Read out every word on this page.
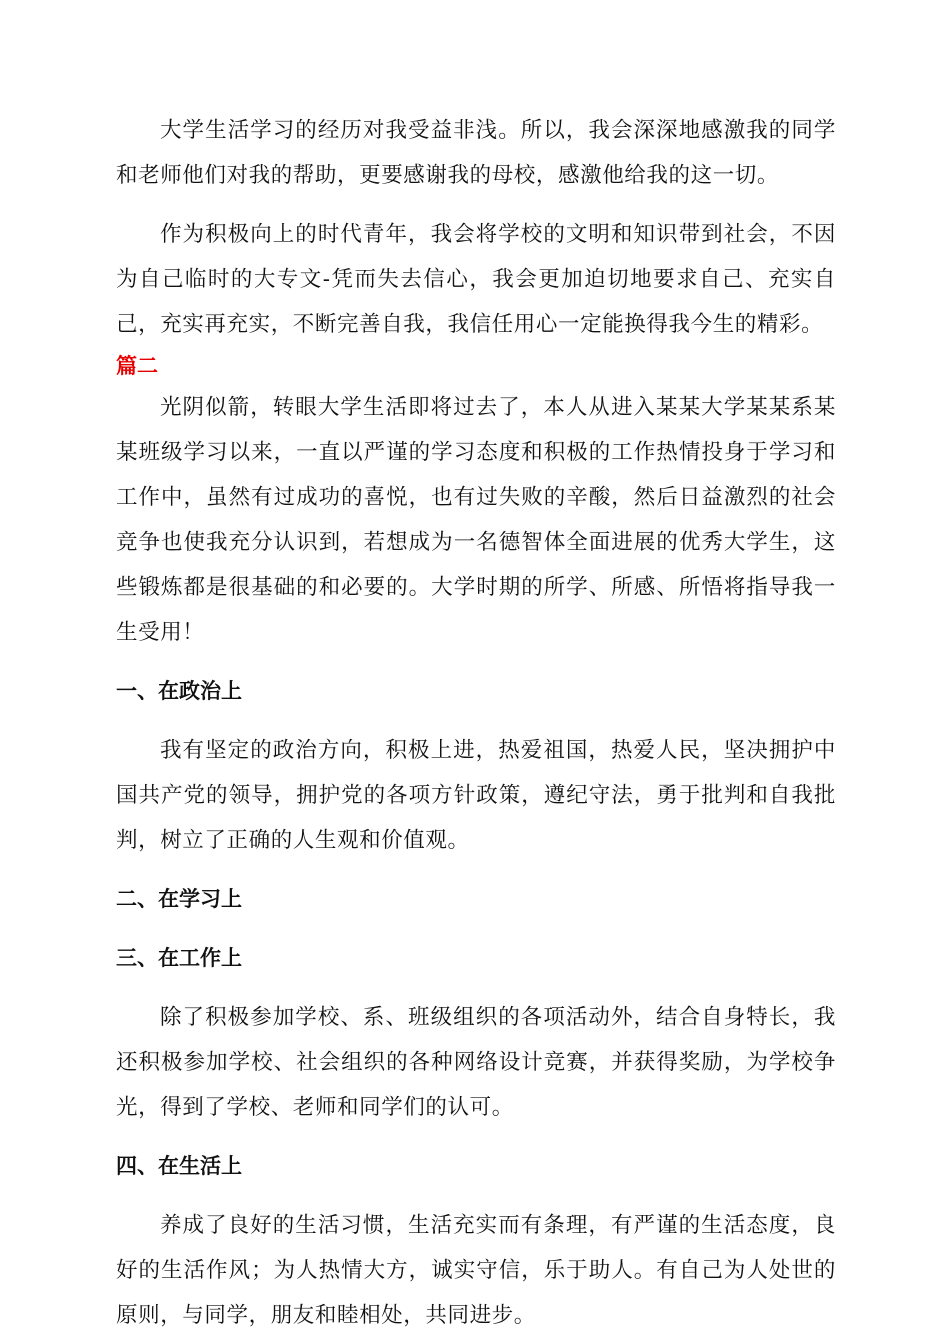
大学生活学习的经历对我受益非浅。所以，我会深深地感激我的同学和老师他们对我的帮助，更要感谢我的母校，感激他给我的这一切。

作为积极向上的时代青年，我会将学校的文明和知识带到社会，不因为自己临时的大专文-凭而失去信心，我会更加迫切地要求自己、充实自己，充实再充实，不断完善自我，我信任用心一定能换得我今生的精彩。

篇二

光阴似箭，转眼大学生活即将过去了，本人从进入某某大学某某系某某班级学习以来，一直以严谨的学习态度和积极的工作热情投身于学习和工作中，虽然有过成功的喜悦，也有过失败的辛酸，然后日益激烈的社会竞争也使我充分认识到，若想成为一名德智体全面进展的优秀大学生，这些锻炼都是很基础的和必要的。大学时期的所学、所感、所悟将指导我一生受用！

一、在政治上

我有坚定的政治方向，积极上进，热爱祖国，热爱人民，坚决拥护中国共产党的领导，拥护党的各项方针政策，遵纪守法，勇于批判和自我批判，树立了正确的人生观和价值观。

二、在学习上
三、在工作上

除了积极参加学校、系、班级组织的各项活动外，结合自身特长，我还积极参加学校、社会组织的各种网络设计竞赛，并获得奖励，为学校争光，得到了学校、老师和同学们的认可。

四、在生活上

养成了良好的生活习惯，生活充实而有条理，有严谨的生活态度，良好的生活作风；为人热情大方，诚实守信，乐于助人。有自己为人处世的原则，与同学，朋友和睦相处，共同进步。
